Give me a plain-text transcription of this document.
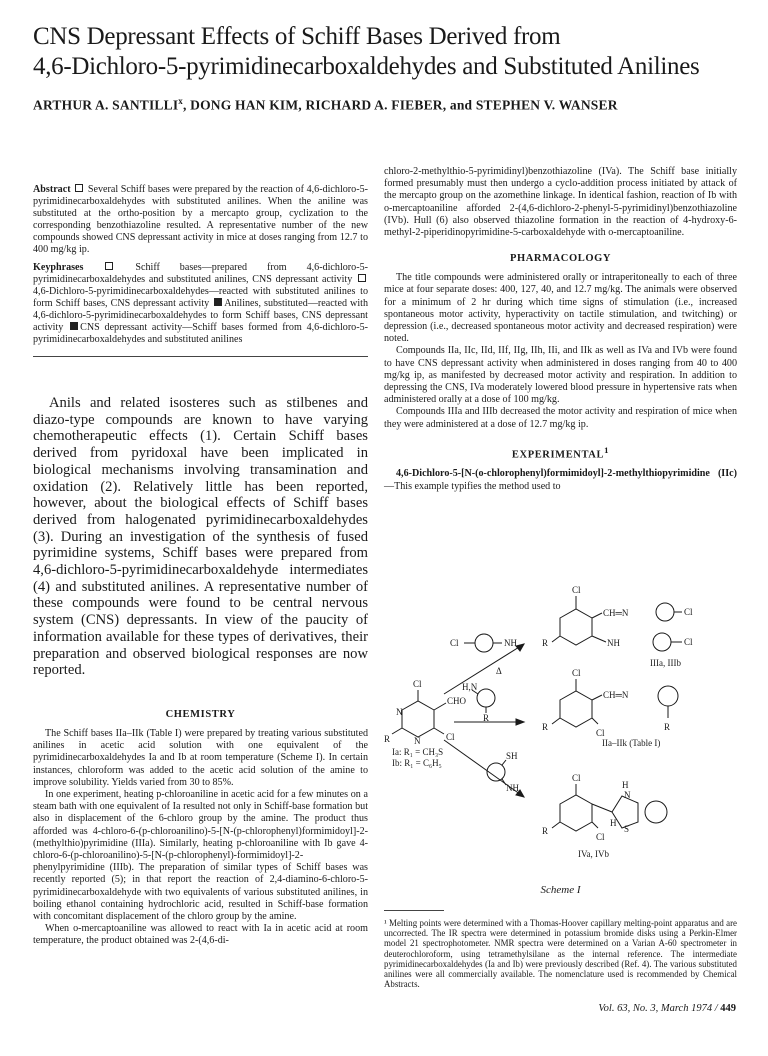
CNS Depressant Effects of Schiff Bases Derived from
4,6-Dichloro-5-pyrimidinecarboxaldehydes and Substituted Anilines
ARTHUR A. SANTILLI$^x$, DONG HAN KIM, RICHARD A. FIEBER, and STEPHEN V. WANSER

Abstract Several Schiff bases were prepared by the reaction of 4,6-dichloro-5-pyrimidinecarboxaldehydes with substituted anilines. When the aniline was substituted at the ortho-position by a mercapto group, cyclization to the corresponding benzothiazoline resulted. A representative number of the new compounds showed CNS depressant activity in mice at doses ranging from 12.7 to 400 mg/kg ip.

Keyphrases	Schiff bases—prepared from 4,6-dichloro-5-pyrimidinecarboxaldehydes and substituted anilines, CNS depressant activity  4,6-Dichloro-5-pyrimidinecarboxaldehydes—reacted with substituted anilines to form Schiff bases, CNS depressant activity Anilines, substituted—reacted with 4,6-dichloro-5-pyrimidinecarboxaldehydes to form Schiff bases, CNS depressant activity CNS depressant activity—Schiff bases formed from 4,6-dichloro-5-pyrimidinecarboxaldehydes and substituted anilines

Anils and related isosteres such as stilbenes and diazo-type compounds are known to have varying chemotherapeutic effects (1). Certain Schiff bases derived from pyridoxal have been implicated in biological mechanisms involving transamination and oxidation (2). Relatively little has been reported, however, about the biological effects of Schiff bases derived from halogenated pyrimidinecarboxaldehydes (3). During an investigation of the synthesis of fused pyrimidine systems, Schiff bases were prepared from 4,6-dichloro-5-pyrimidinecarboxaldehyde intermediates (4) and substituted anilines. A representative number of these compounds were found to be central nervous system (CNS) depressants. In view of the paucity of information available for these types of derivatives, their preparation and observed biological responses are now reported.

CHEMISTRY

The Schiff bases IIa–IIk (Table I) were prepared by treating various substituted anilines in acetic acid solution with one equivalent of the pyrimidinecarboxaldehydes Ia and Ib at room temperature (Scheme I). In certain instances, chloroform was added to the acetic acid solution of the amine to improve solubility. Yields varied from 30 to 85%.

In one experiment, heating p-chloroaniline in acetic acid for a few minutes on a steam bath with one equivalent of Ia resulted not only in Schiff-base formation but also in displacement of the 6-chloro group by the amine. The product thus afforded was 4-chloro-6-(p-chloroanilino)-5-[N-(p-chlorophenyl)formimidoyl]-2-(methylthio)pyrimidine (IIIa). Similarly, heating p-chloroaniline with Ib gave 4-chloro-6-(p-chloroanilino)-5-[N-(p-chlorophenyl)-formimidoyl]-2-phenylpyrimidine (IIIb). The preparation of similar types of Schiff bases was recently reported (5); in that report the reaction of 2,4-diamino-6-chloro-5-pyrimidinecarboxaldehyde with two equivalents of various substituted anilines, in boiling ethanol containing hydrochloric acid, resulted in Schiff-base formation with concomitant displacement of the chloro group by the amine.

When o-mercaptoaniline was allowed to react with Ia in acetic acid at room temperature, the product obtained was 2-(4,6-di-

chloro-2-methylthio-5-pyrimidinyl)benzothiazoline (IVa). The Schiff base initially formed presumably must then undergo a cyclo-addition process initiated by attack of the mercapto group on the azomethine linkage. In identical fashion, reaction of Ib with o-mercaptoaniline afforded 2-(4,6-dichloro-2-phenyl-5-pyrimidinyl)benzothiazoline (IVb). Hull (6) also observed thiazoline formation in the reaction of 4-hydroxy-6-methyl-2-piperidinopyrimidine-5-carboxaldehyde with o-mercaptoaniline.

PHARMACOLOGY

The title compounds were administered orally or intraperitoneally to each of three mice at four separate doses: 400, 127, 40, and 12.7 mg/kg. The animals were observed for a minimum of 2 hr during which time signs of stimulation (i.e., increased spontaneous motor activity, hyperactivity on tactile stimulation, and twitching) or depression (i.e., decreased spontaneous motor activity and decreased respiration) were noted.

Compounds IIa, IIc, IId, IIf, IIg, IIh, IIi, and IIk as well as IVa and IVb were found to have CNS depressant activity when administered in doses ranging from 40 to 400 mg/kg ip, as manifested by decreased motor activity and respiration. In addition to depressing the CNS, IVa moderately lowered blood pressure in hypertensive rats when administered orally at a dose of 100 mg/kg.

Compounds IIIa and IIIb decreased the motor activity and respiration of mice when they were administered at a dose of 12.7 mg/kg ip.

EXPERIMENTAL$^1$

4,6-Dichloro-5-[N-(o-chlorophenyl)formimidoyl]-2-methylthiopyrimidine (IIc)—This example typifies the method used to

Cl
CHO
N
N	Cl
R
Ia: R₁ = CH₃S
Ib: R₁ = C₆H₅
Cl	NH
Δ
H,N
R
SH
NH
Cl
CH═N	Cl
NH	Cl
R
IIIa, IIIb
Cl
CH═N
Cl
R	R
IIa–IIk (Table I)
Cl
H
N
S
H
Cl
R
IVa, IVb
Scheme I
¹ Melting points were determined with a Thomas-Hoover capillary melting-point apparatus and are uncorrected. The IR spectra were determined in potassium bromide disks using a Perkin-Elmer model 21 spectrophotometer. NMR spectra were determined on a Varian A-60 spectrometer in deuterochloroform, using tetramethylsilane as the internal reference. The intermediate pyrimidinecarboxaldehydes (Ia and Ib) were previously described (Ref. 4). The various substituted anilines were all commercially available. The nomenclature used is recommended by Chemical Abstracts.
Vol. 63, No. 3, March 1974 / 449
